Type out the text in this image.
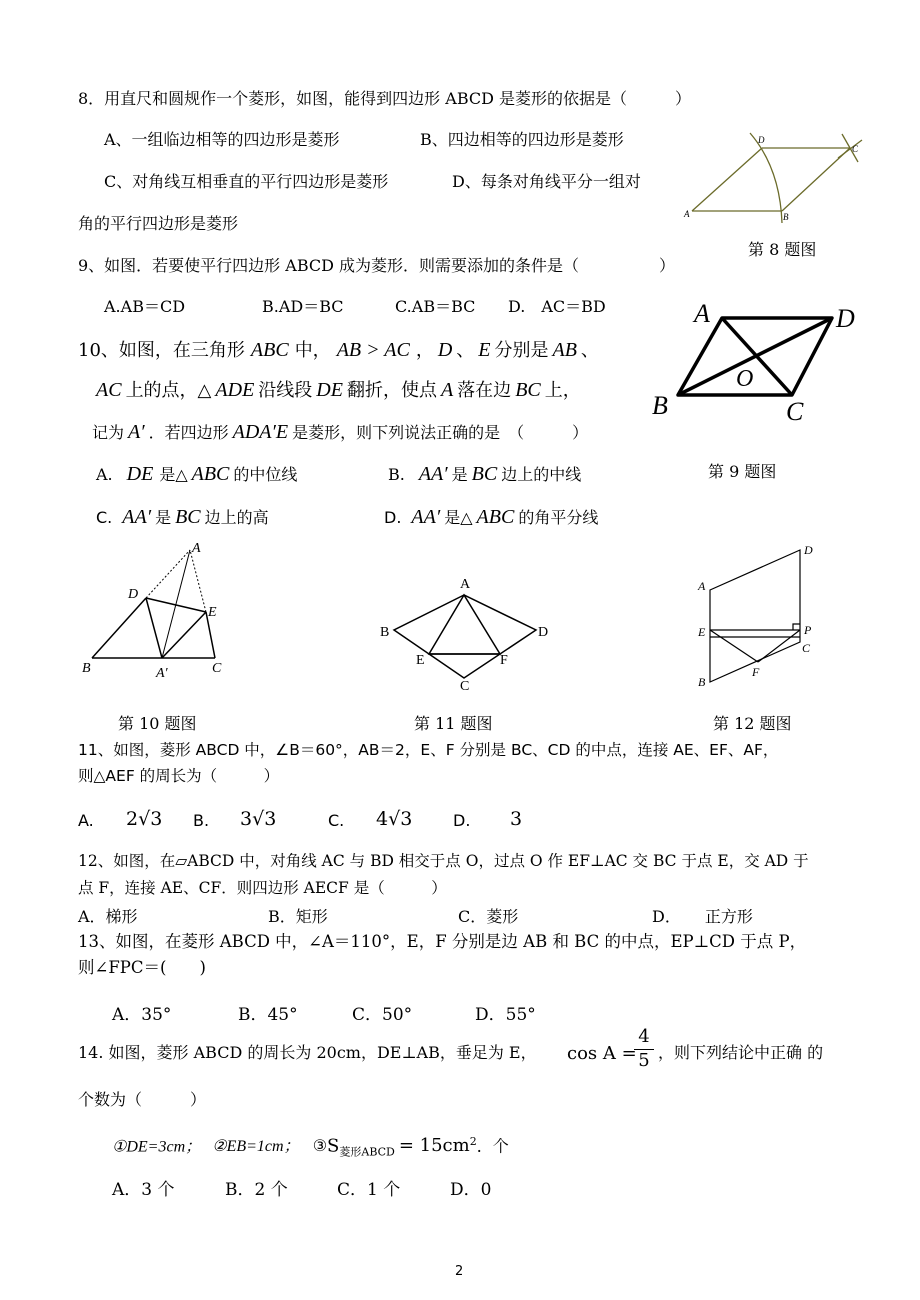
8．用直尺和圆规作一个菱形，如图，能得到四边形 ABCD 是菱形的依据是（　　　）
A、一组临边相等的四边形是菱形	B、四边相等的四边形是菱形
C、对角线互相垂直的平行四边形是菱形	D、每条对角线平分一组对
角的平行四边形是菱形	A	B
C
D
第 8 题图
9、如图．若要使平行四边形 ABCD 成为菱形．则需要添加的条件是（　　　　　）
A.AB＝CD	B.AD＝BC	C.AB＝BC D.　AC＝BD	A	D
B	C
O
10、如图，在三角形 ABC 中， AB > AC ， D 、 E 分别是 AB 、
AC 上的点，△ ADE 沿线段 DE 翻折，使点 A 落在边 BC 上，
记为 A′ ．若四边形 ADA′E 是菱形，则下列说法正确的是　（　　　）
A. DE 是△ ABC 的中位线	B. AA′ 是 BC 边上的中线	第 9 题图
C. AA′ 是 BC 边上的高	D. AA′ 是△ ABC 的角平分线
A
B	C
D
E
A′
A
B
C
D
E	F
D
A
E	P
C
F
B
第 10 题图	第 11 题图	第 12 题图
11、如图，菱形 ABCD 中，∠B＝60°，AB＝2，E、F 分别是 BC、CD 的中点，连接 AE、EF、AF，
则△AEF 的周长为（　　　）
A. 2√3 B. 3√3	C. 4√3	D. 3
12、如图，在▱ABCD 中，对角线 AC 与 BD 相交于点 O，过点 O 作 EF⊥AC 交 BC 于点 E，交 AD 于
点 F，连接 AE、CF．则四边形 AECF 是（　　　）
A．梯形	B．矩形	C．菱形	D．　　正方形
13、如图，在菱形 ABCD 中，∠A＝110°，E，F 分别是边 AB 和 BC 的中点，EP⊥CD 于点 P，
则∠FPC＝(　　)
A．35°	B．45°	C．50°	D．55°
14. 如图，菱形 ABCD 的周长为 20cm，DE⊥AB，垂足为 E， cos A =
4
5 ，则下列结论中正确 的
个数为（　　　）
①DE=3cm； ②EB=1cm； $③S_{菱形ABCD} = 15cm^2$．个
A．3 个	B．2 个	C．1 个	D．0
2
